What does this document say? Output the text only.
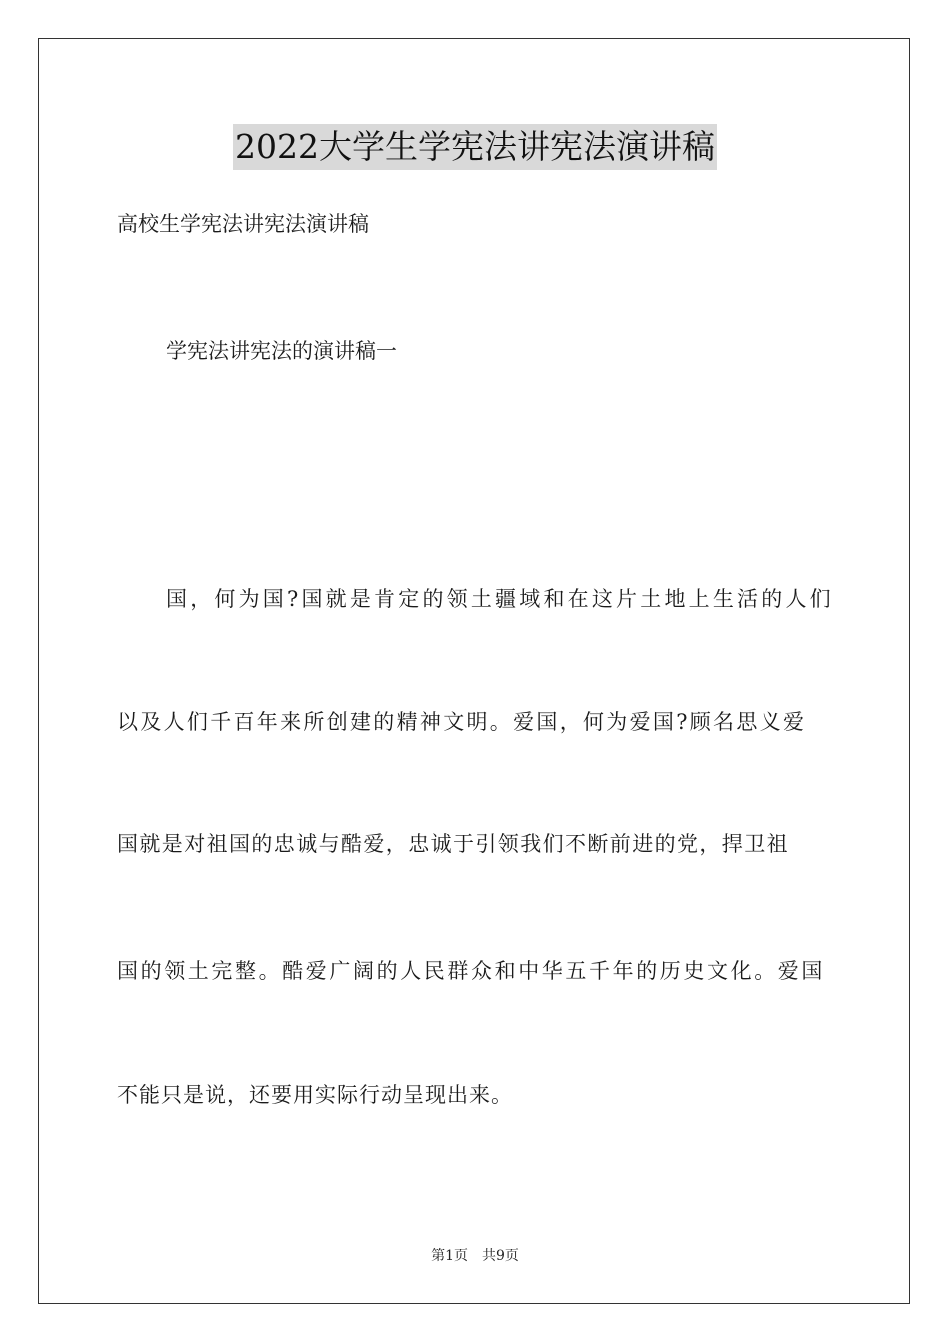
2022大学生学宪法讲宪法演讲稿
高校生学宪法讲宪法演讲稿
学宪法讲宪法的演讲稿一
国，何为国?国就是肯定的领土疆域和在这片土地上生活的人们
以及人们千百年来所创建的精神文明。爱国，何为爱国?顾名思义爱
国就是对祖国的忠诚与酷爱，忠诚于引领我们不断前进的党，捍卫祖
国的领土完整。酷爱广阔的人民群众和中华五千年的历史文化。爱国
不能只是说，还要用实际行动呈现出来。
第1页　共9页
